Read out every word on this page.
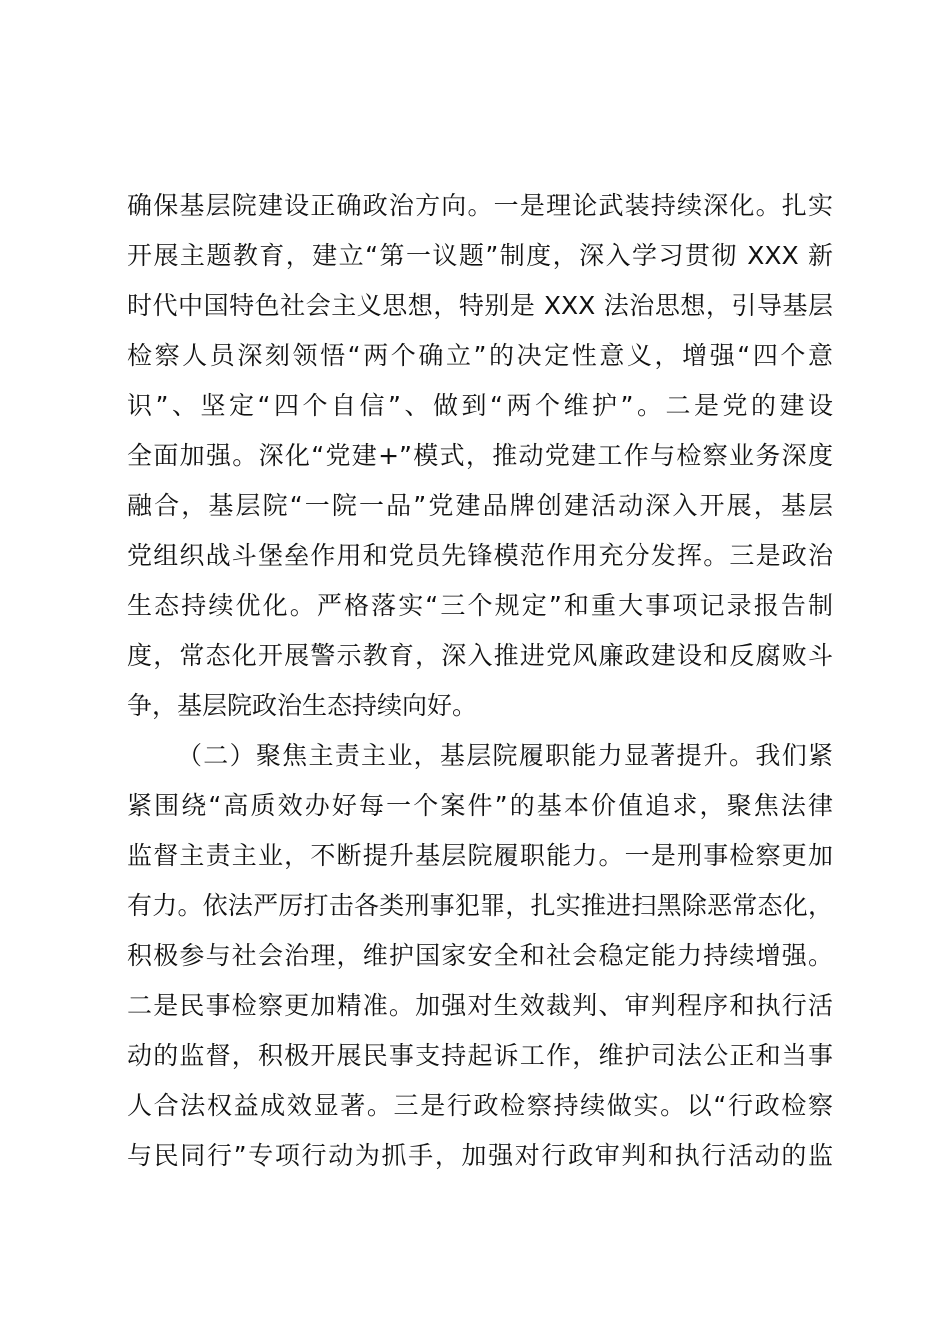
确保基层院建设正确政治方向。一是理论武装持续深化。扎实
开展主题教育，建立“第一议题”制度，深入学习贯彻 XXX 新
时代中国特色社会主义思想，特别是 XXX 法治思想，引导基层
检察人员深刻领悟“两个确立”的决定性意义，增强“四个意
识”、坚定“四个自信”、做到“两个维护”。二是党的建设
全面加强。深化“党建+”模式，推动党建工作与检察业务深度
融合，基层院“一院一品”党建品牌创建活动深入开展，基层
党组织战斗堡垒作用和党员先锋模范作用充分发挥。三是政治
生态持续优化。严格落实“三个规定”和重大事项记录报告制
度，常态化开展警示教育，深入推进党风廉政建设和反腐败斗
争，基层院政治生态持续向好。
（二）聚焦主责主业，基层院履职能力显著提升。我们紧
紧围绕“高质效办好每一个案件”的基本价值追求，聚焦法律
监督主责主业，不断提升基层院履职能力。一是刑事检察更加
有力。依法严厉打击各类刑事犯罪，扎实推进扫黑除恶常态化，
积极参与社会治理，维护国家安全和社会稳定能力持续增强。
二是民事检察更加精准。加强对生效裁判、审判程序和执行活
动的监督，积极开展民事支持起诉工作，维护司法公正和当事
人合法权益成效显著。三是行政检察持续做实。以“行政检察
与民同行”专项行动为抓手，加强对行政审判和执行活动的监
